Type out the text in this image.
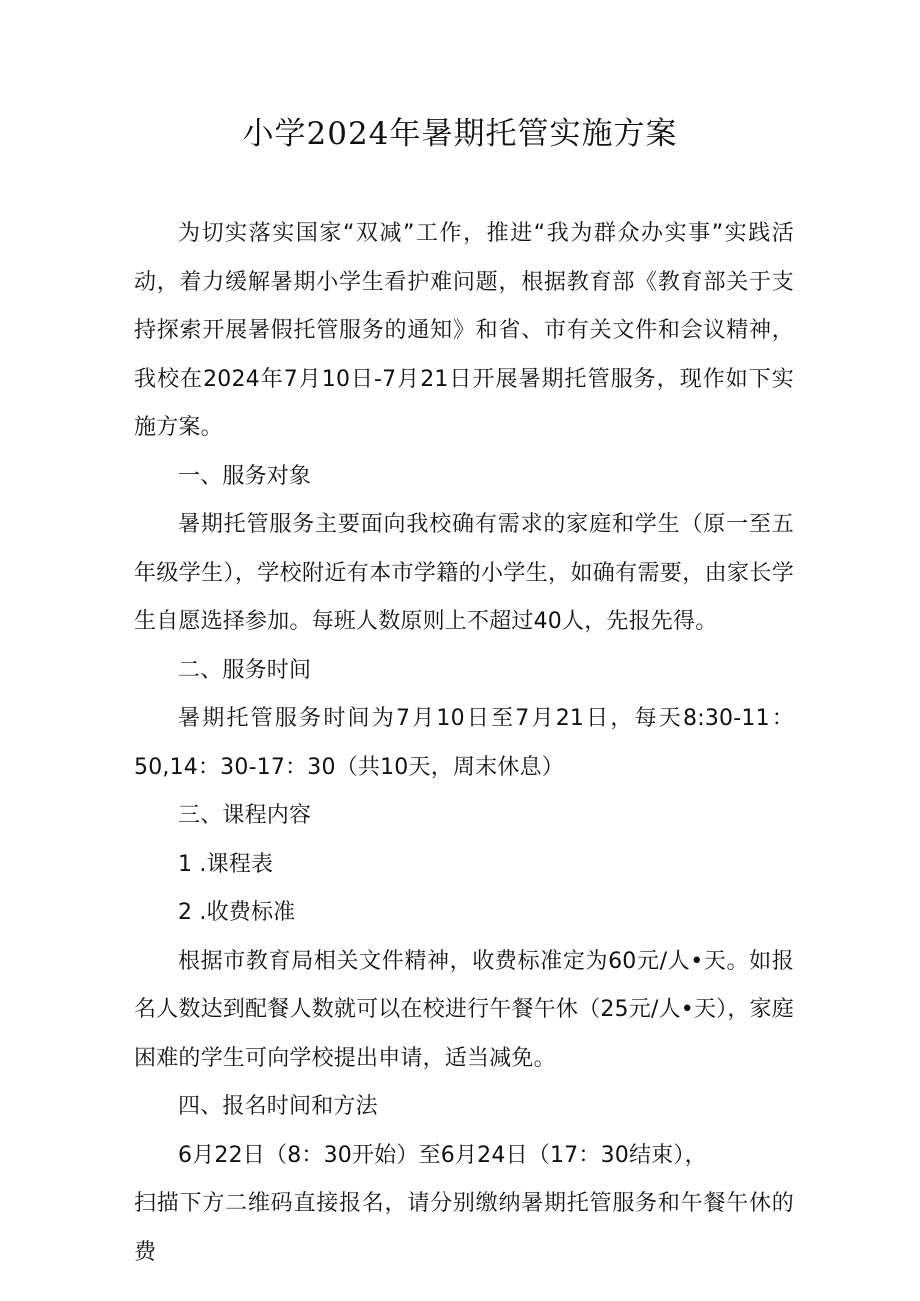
小学2024年暑期托管实施方案

为切实落实国家“双减”工作，推进“我为群众办实事”实践活动，着力缓解暑期小学生看护难问题，根据教育部《教育部关于支持探索开展暑假托管服务的通知》和省、市有关文件和会议精神，我校在2024年7月10日-7月21日开展暑期托管服务，现作如下实施方案。

一、服务对象

暑期托管服务主要面向我校确有需求的家庭和学生（原一至五年级学生），学校附近有本市学籍的小学生，如确有需要，由家长学生自愿选择参加。每班人数原则上不超过40人，先报先得。

二、服务时间

暑期托管服务时间为7月10日至7月21日，每天8:30-11：50,14：30-17：30（共10天，周末休息）

三、课程内容

1 .课程表

2 .收费标准

根据市教育局相关文件精神，收费标准定为60元/人•天。如报名人数达到配餐人数就可以在校进行午餐午休（25元/人•天），家庭困难的学生可向学校提出申请，适当减免。

四、报名时间和方法

6月22日（8：30开始）至6月24日（17：30结束），

扫描下方二维码直接报名，请分别缴纳暑期托管服务和午餐午休的费
